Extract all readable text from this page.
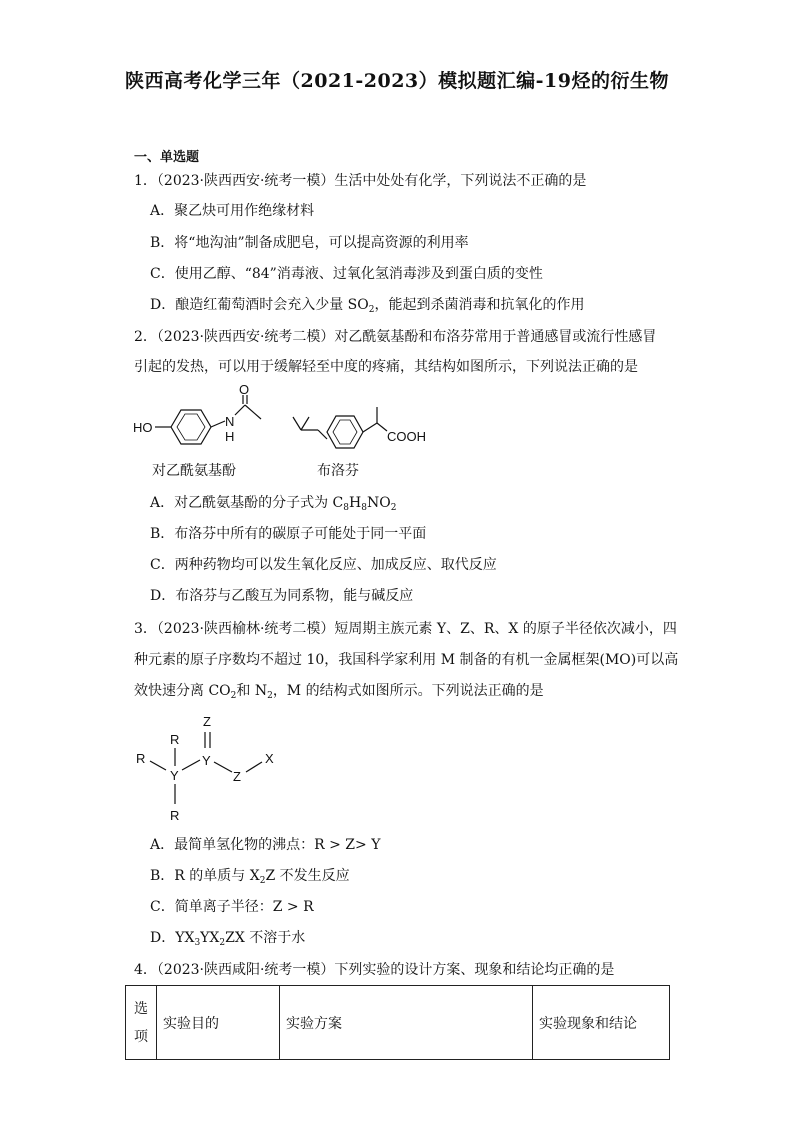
陕西高考化学三年（2021-2023）模拟题汇编-19烃的衍生物
一、单选题
1．（2023·陕西西安·统考一模）生活中处处有化学，下列说法不正确的是
A．聚乙炔可用作绝缘材料
B．将“地沟油”制备成肥皂，可以提高资源的利用率
C．使用乙醇、“84”消毒液、过氧化氢消毒涉及到蛋白质的变性
D．酿造红葡萄酒时会充入少量 $SO_2$，能起到杀菌消毒和抗氧化的作用
2．（2023·陕西西安·统考二模）对乙酰氨基酚和布洛芬常用于普通感冒或流行性感冒引起的发热，可以用于缓解轻至中度的疼痛，其结构如图所示，下列说法正确的是
HO	N
H
O
COOH
对乙酰氨基酚	布洛芬
A．对乙酰氨基酚的分子式为 $C_8H_8NO_2$
B．布洛芬中所有的碳原子可能处于同一平面
C．两种药物均可以发生氧化反应、加成反应、取代反应
D．布洛芬与乙酸互为同系物，能与碱反应
3．（2023·陕西榆林·统考二模）短周期主族元素 Y、Z、R、X 的原子半径依次减小，四
种元素的原子序数均不超过 10，我国科学家利用 M 制备的有机一金属框架(MO)可以高
效快速分离 $CO_2$和 $N_2$，M 的结构式如图所示。下列说法正确的是
Z
Y
R
R
Y
R
Z
X
A．最简单氢化物的沸点：R > Z> Y
B．R 的单质与 $X_2Z$ 不发生反应
C．简单离子半径：Z > R
D．$YX_3YX_2ZX$ 不溶于水
4．（2023·陕西咸阳·统考一模）下列实验的设计方案、现象和结论均正确的是
选项	实验目的	实验方案	实验现象和结论
